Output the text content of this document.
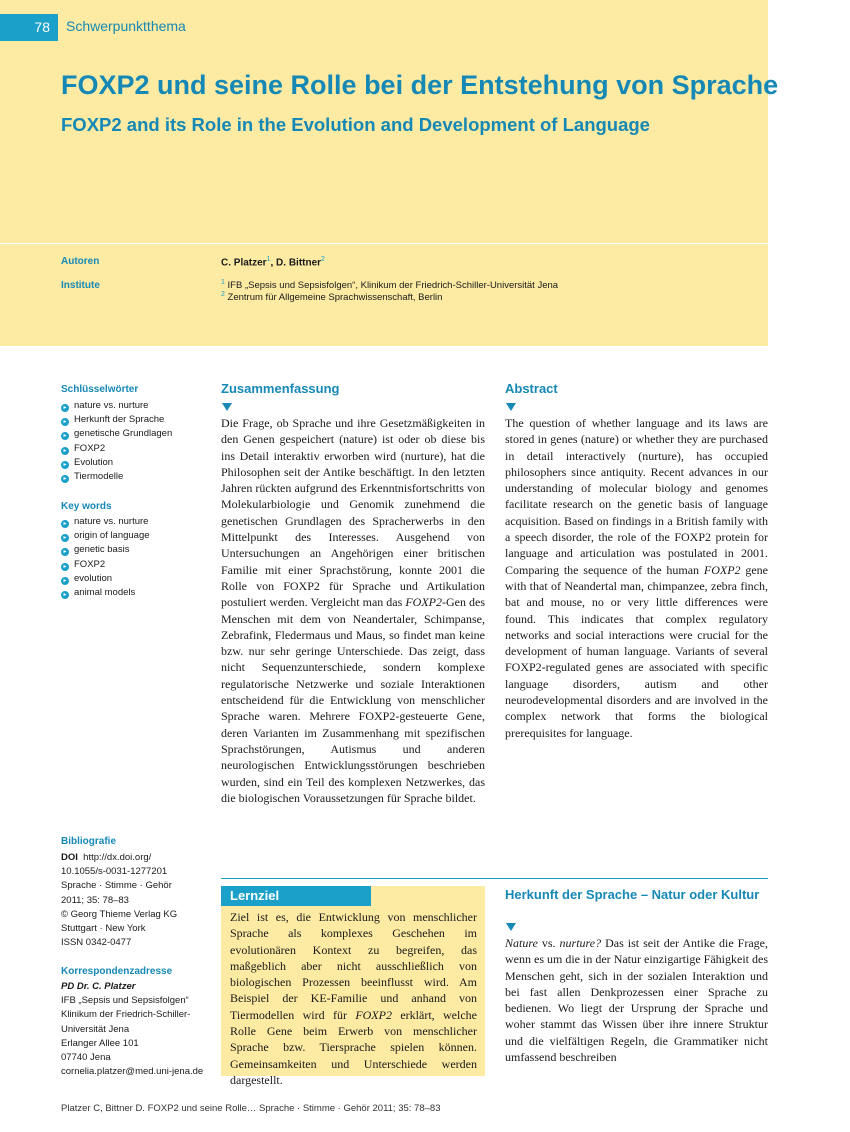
78	Schwerpunktthema
FOXP2 und seine Rolle bei der Entstehung von Sprache
FOXP2 and its Role in the Evolution and Development of Language
Autoren	C. Platzer$^1$, D. Bittner$^2$
Institute	$^1$ IFB „Sepsis und Sepsisfolgen“, Klinikum der Friedrich-Schiller-Universität Jena
$^2$ Zentrum für Allgemeine Sprachwissenschaft, Berlin
Schlüsselwörter
▸ nature vs. nurture
▸ Herkunft der Sprache
▸ genetische Grundlagen
▸ FOXP2
▸ Evolution
▸ Tiermodelle
Key words
▸ nature vs. nurture
▸ origin of language
▸ genetic basis
▸ FOXP2
▸ evolution
▸ animal models
Bibliografie
DOI http://dx.doi.org/
10.1055/s-0031-1277201
Sprache · Stimme · Gehör
2011; 35: 78–83
© Georg Thieme Verlag KG
Stuttgart · New York
ISSN 0342-0477
Korrespondenzadresse
PD Dr. C. Platzer
IFB „Sepsis und Sepsisfolgen“
Klinikum der Friedrich-Schiller-
Universität Jena
Erlanger Allee 101
07740 Jena
cornelia.platzer@med.uni-jena.de
Zusammenfassung

Die Frage, ob Sprache und ihre Gesetzmäßigkeiten in den Genen gespeichert (nature) ist oder ob diese bis ins Detail interaktiv erworben wird (nurture), hat die Philosophen seit der Antike beschäftigt. In den letzten Jahren rückten aufgrund des Erkenntnisfortschritts von Molekularbiologie und Genomik zunehmend die genetischen Grundlagen des Spracherwerbs in den Mittelpunkt des Interesses. Ausgehend von Untersuchungen an Angehörigen einer britischen Familie mit einer Sprachstörung, konnte 2001 die Rolle von FOXP2 für Sprache und Artikulation postuliert werden. Vergleicht man das FOXP2-Gen des Menschen mit dem von Neandertaler, Schimpanse, Zebrafink, Fledermaus und Maus, so findet man keine bzw. nur sehr geringe Unterschiede. Das zeigt, dass nicht Sequenzunterschiede, sondern komplexe regulatorische Netzwerke und soziale Interaktionen entscheidend für die Entwicklung von menschlicher Sprache waren. Mehrere FOXP2-gesteuerte Gene, deren Varianten im Zusammenhang mit spezifischen Sprachstörungen, Autismus und anderen neurologischen Entwicklungsstörungen beschrieben wurden, sind ein Teil des komplexen Netzwerkes, das die biologischen Voraussetzungen für Sprache bildet.

Abstract

The question of whether language and its laws are stored in genes (nature) or whether they are purchased in detail interactively (nurture), has occupied philosophers since antiquity. Recent advances in our understanding of molecular biology and genomes facilitate research on the genetic basis of language acquisition. Based on findings in a British family with a speech disorder, the role of the FOXP2 protein for language and articulation was postulated in 2001. Comparing the sequence of the human FOXP2 gene with that of Neandertal man, chimpanzee, zebra finch, bat and mouse, no or very little differences were found. This indicates that complex regulatory networks and social interactions were crucial for the development of human language. Variants of several FOXP2-regulated genes are associated with specific language disorders, autism and other neurodevelopmental disorders and are involved in the complex network that forms the biological prerequisites for language.

Lernziel

Ziel ist es, die Entwicklung von menschlicher Sprache als komplexes Geschehen im evolutionären Kontext zu begreifen, das maßgeblich aber nicht ausschließlich von biologischen Prozessen beeinflusst wird. Am Beispiel der KE-Familie und anhand von Tiermodellen wird für FOXP2 erklärt, welche Rolle Gene beim Erwerb von menschlicher Sprache bzw. Tiersprache spielen können. Gemeinsamkeiten und Unterschiede werden dargestellt.

Herkunft der Sprache – Natur oder Kultur

Nature vs. nurture? Das ist seit der Antike die Frage, wenn es um die in der Natur einzigartige Fähigkeit des Menschen geht, sich in der sozialen Interaktion und bei fast allen Denkprozessen einer Sprache zu bedienen. Wo liegt der Ursprung der Sprache und woher stammt das Wissen über ihre innere Struktur und die vielfältigen Regeln, die Grammatiker nicht umfassend beschreiben

Platzer C, Bittner D. FOXP2 und seine Rolle… Sprache · Stimme · Gehör 2011; 35: 78–83
